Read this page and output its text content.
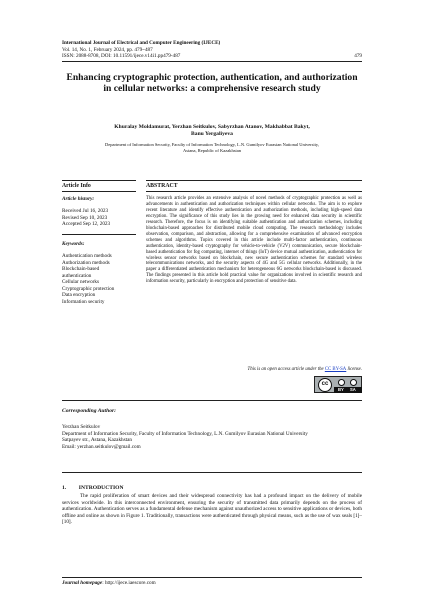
International Journal of Electrical and Computer Engineering (IJECE)
Vol. 14, No. 1, February 2024, pp. 479~487
ISSN: 2088-8708, DOI: 10.11591/ijece.v14i1.pp479-487	479
Enhancing cryptographic protection, authentication, and authorization in cellular networks: a comprehensive research study
Khuralay Moldamurat, Yerzhan Seitkulov, Sabyrzhan Atanov, Makhabbat Bakyt,
Banu Yergaliyeva
Department of Information Security, Faculty of Information Technology, L.N. Gumilyov Eurasian National University,
Astana, Republic of Kazakhstan
Article Info	ABSTRACT
Article history:
Received Jul 16, 2023
Revised Sep 10, 2023
Accepted Sep 12, 2023
Keywords:
Authentication methods
Authorization methods
Blockchain-based
authentication
Cellular networks
Cryptographic protection
Data encryption
Information security
This research article provides an extensive analysis of novel methods of cryptographic protection as well as advancements in authentication and authorization techniques within cellular networks. The aim is to explore recent literature and identify effective authentication and authorization methods, including high-speed data encryption. The significance of this study lies in the growing need for enhanced data security in scientific research. Therefore, the focus is on identifying suitable authentication and authorization schemes, including blockchain-based approaches for distributed mobile cloud computing. The research methodology includes observation, comparison, and abstraction, allowing for a comprehensive examination of advanced encryption schemes and algorithms. Topics covered in this article include multi-factor authentication, continuous authentication, identity-based cryptography for vehicle-to-vehicle (V2V) communication, secure blockchain-based authentication for fog computing, internet of things (IoT) device mutual authentication, authentication for wireless sensor networks based on blockchain, new secure authentication schemes for standard wireless telecommunications networks, and the security aspects of 4G and 5G cellular networks. Additionally, in the paper a differentiated authentication mechanism for heterogeneous 6G networks blockchain-based is discussed. The findings presented in this article hold practical value for organizations involved in scientific research and information security, particularly in encryption and protection of sensitive data.
This is an open access article under the CC BY-SA license.
cc
BY SA
Corresponding Author:
Yerzhan Seitkulov
Department of Information Security, Faculty of Information Technology, L.N. Gumilyov Eurasian National University
Satpayev str., Astana, Kazakhstan
Email: yerzhan.seitkulov@gmail.com
1.         INTRODUCTION
The rapid proliferation of smart devices and their widespread connectivity has had a profound impact on the delivery of mobile services worldwide. In this interconnected environment, ensuring the security of transmitted data primarily depends on the process of authentication. Authentication serves as a fundamental defense mechanism against unauthorized access to sensitive applications or devices, both offline and online as shown in Figure 1. Traditionally, transactions were authenticated through physical means, such as the use of wax seals [1]–[10].
Journal homepage: http://ijece.iaescore.com
